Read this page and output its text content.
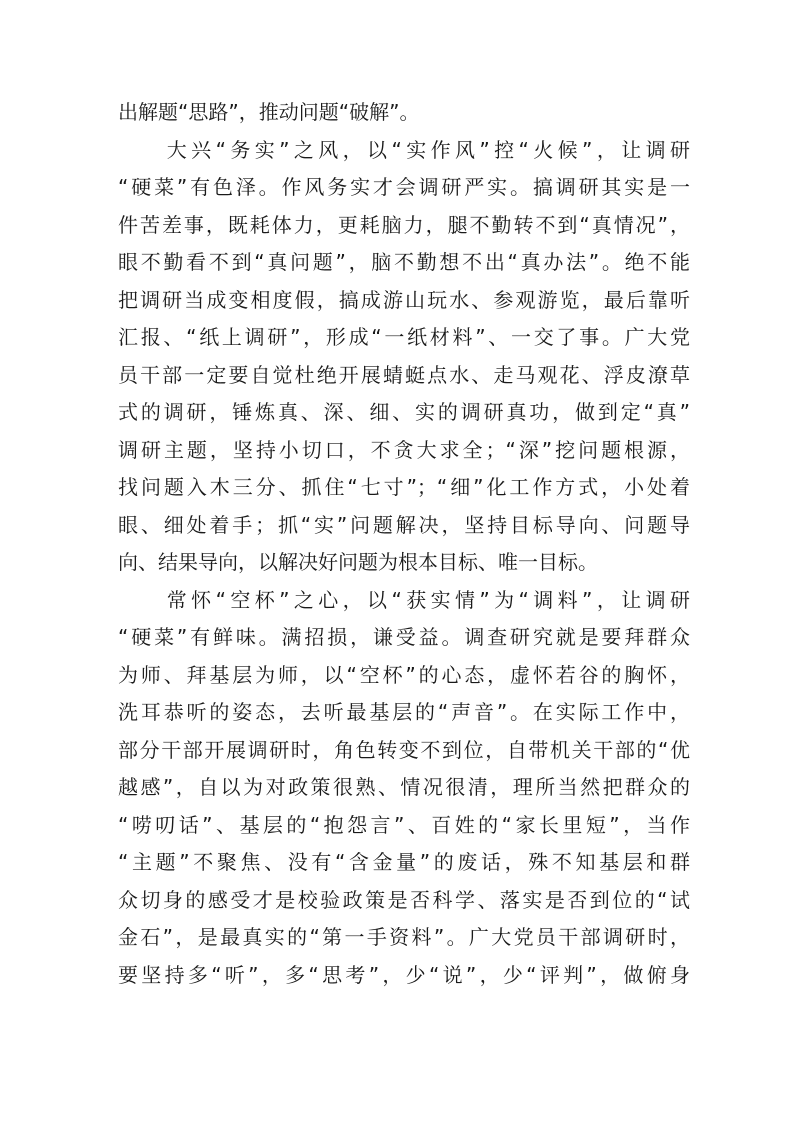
出解题“思路”，推动问题“破解”。
　　大兴“务实”之风，以“实作风”控“火候”，让调研
“硬菜”有色泽。作风务实才会调研严实。搞调研其实是一
件苦差事，既耗体力，更耗脑力，腿不勤转不到“真情况”，
眼不勤看不到“真问题”，脑不勤想不出“真办法”。绝不能
把调研当成变相度假，搞成游山玩水、参观游览，最后靠听
汇报、“纸上调研”，形成“一纸材料”、一交了事。广大党
员干部一定要自觉杜绝开展蜻蜓点水、走马观花、浮皮潦草
式的调研，锤炼真、深、细、实的调研真功，做到定“真”
调研主题，坚持小切口，不贪大求全；“深”挖问题根源，
找问题入木三分、抓住“七寸”；“细”化工作方式，小处着
眼、细处着手；抓“实”问题解决，坚持目标导向、问题导
向、结果导向，以解决好问题为根本目标、唯一目标。
　　常怀“空杯”之心，以“获实情”为“调料”，让调研
“硬菜”有鲜味。满招损，谦受益。调查研究就是要拜群众
为师、拜基层为师，以“空杯”的心态，虚怀若谷的胸怀，
洗耳恭听的姿态，去听最基层的“声音”。在实际工作中，
部分干部开展调研时，角色转变不到位，自带机关干部的“优
越感”，自以为对政策很熟、情况很清，理所当然把群众的
“唠叨话”、基层的“抱怨言”、百姓的“家长里短”，当作
“主题”不聚焦、没有“含金量”的废话，殊不知基层和群
众切身的感受才是校验政策是否科学、落实是否到位的“试
金石”，是最真实的“第一手资料”。广大党员干部调研时，
要坚持多“听”，多“思考”，少“说”，少“评判”，做俯身
